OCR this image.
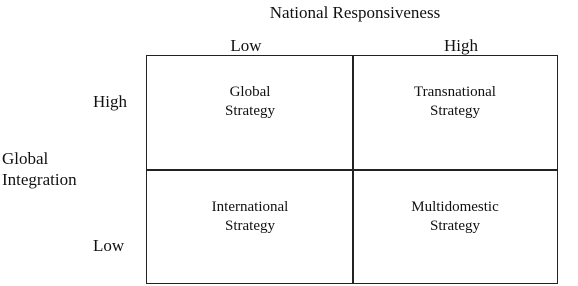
National Responsiveness
Low	High
High
Low
Global
Integration
Global
Strategy
Transnational
Strategy
International
Strategy
Multidomestic
Strategy
